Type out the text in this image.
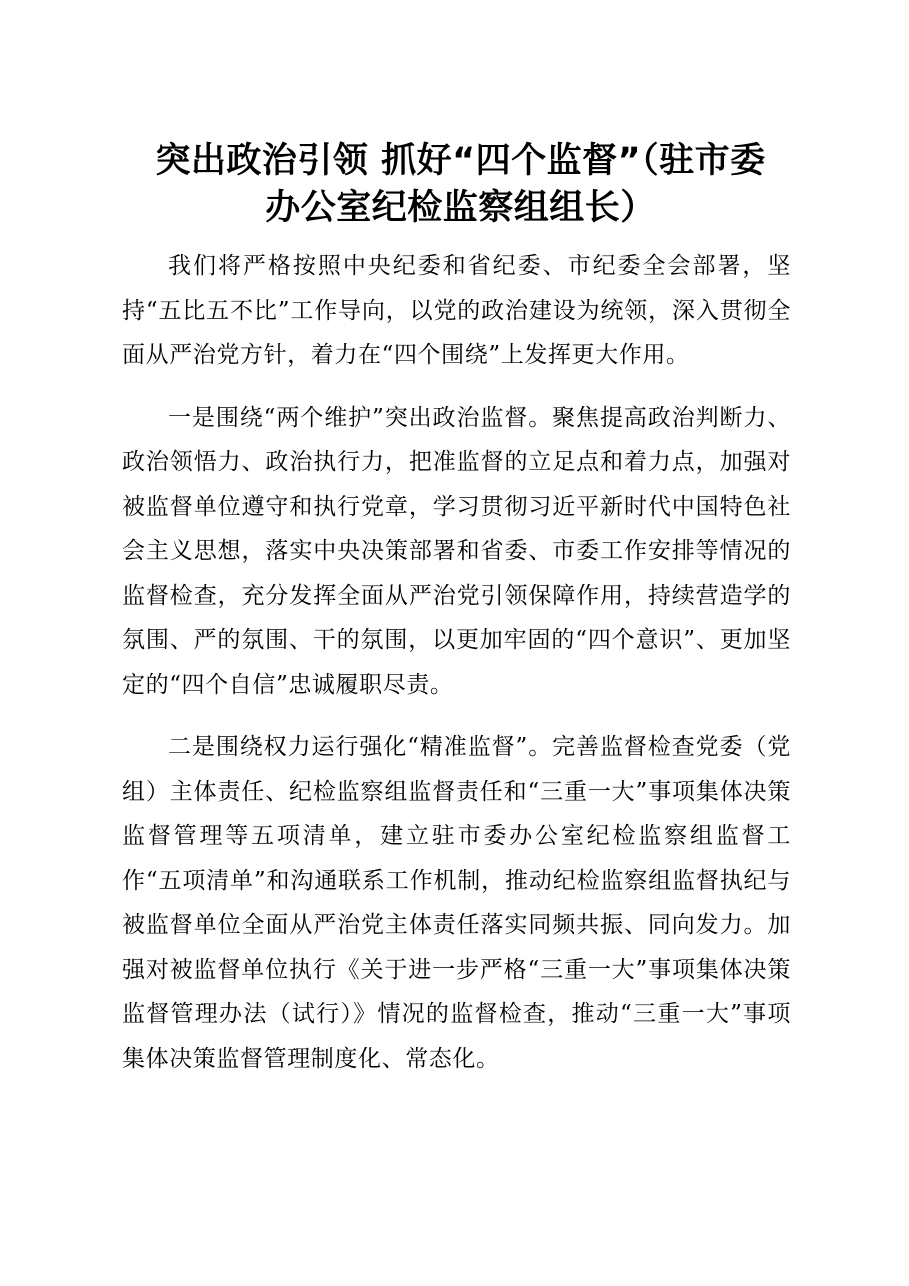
突出政治引领 抓好“四个监督”（驻市委
办公室纪检监察组组长）

我们将严格按照中央纪委和省纪委、市纪委全会部署，坚持“五比五不比”工作导向，以党的政治建设为统领，深入贯彻全面从严治党方针，着力在“四个围绕”上发挥更大作用。

一是围绕“两个维护”突出政治监督。聚焦提高政治判断力、政治领悟力、政治执行力，把准监督的立足点和着力点，加强对被监督单位遵守和执行党章，学习贯彻习近平新时代中国特色社会主义思想，落实中央决策部署和省委、市委工作安排等情况的监督检查，充分发挥全面从严治党引领保障作用，持续营造学的氛围、严的氛围、干的氛围，以更加牢固的“四个意识”、更加坚定的“四个自信”忠诚履职尽责。

二是围绕权力运行强化“精准监督”。完善监督检查党委（党组）主体责任、纪检监察组监督责任和“三重一大”事项集体决策监督管理等五项清单，建立驻市委办公室纪检监察组监督工作“五项清单”和沟通联系工作机制，推动纪检监察组监督执纪与被监督单位全面从严治党主体责任落实同频共振、同向发力。加强对被监督单位执行《关于进一步严格“三重一大”事项集体决策监督管理办法（试行）》情况的监督检查，推动“三重一大”事项集体决策监督管理制度化、常态化。
